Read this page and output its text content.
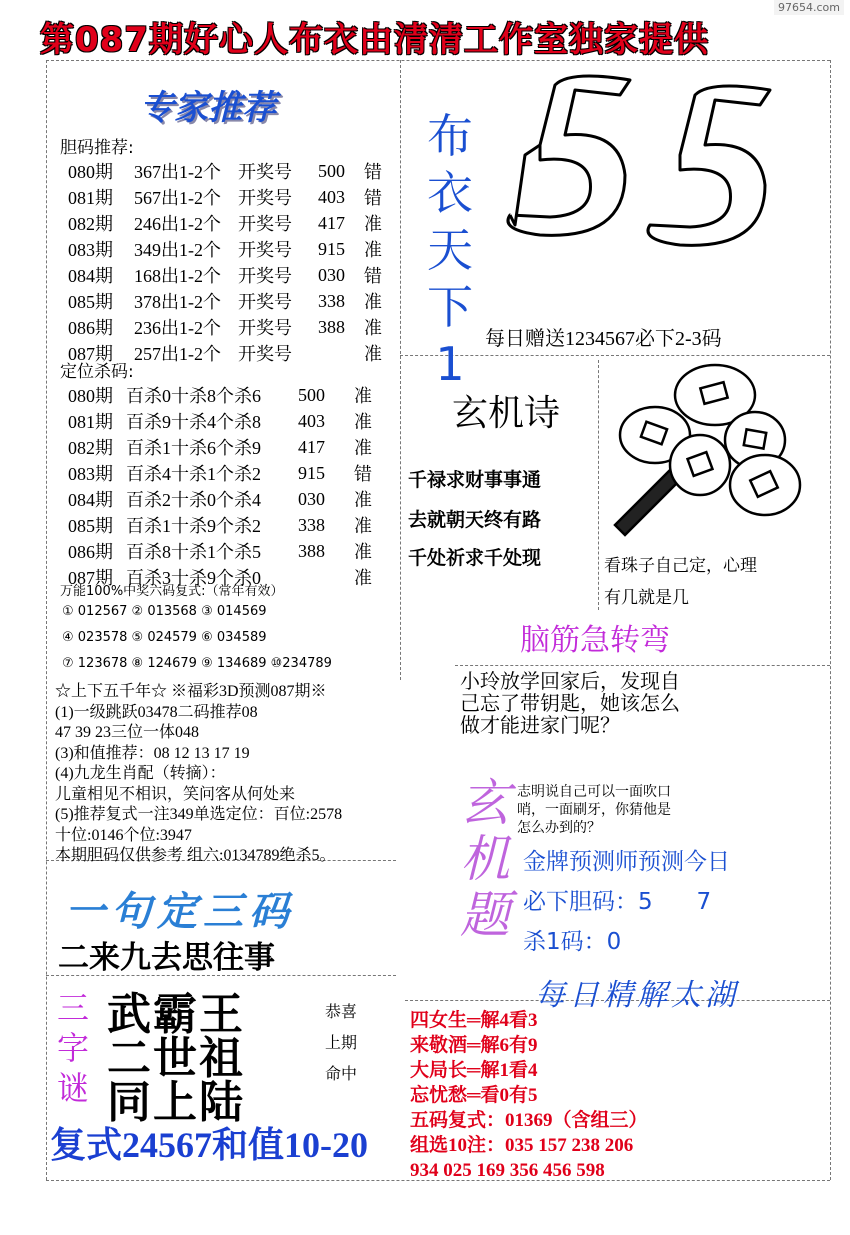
97654.com
第087期好心人布衣由清清工作室独家提供
专家推荐
胆码推荐:
080期	367出1-2个	开奖号	500	错
081期	567出1-2个	开奖号	403	错
082期	246出1-2个	开奖号	417	准
083期	349出1-2个	开奖号	915	准
084期	168出1-2个	开奖号	030	错
085期	378出1-2个	开奖号	338	准
086期	236出1-2个	开奖号	388	准
087期	257出1-2个	开奖号		准
定位杀码:
080期	百杀0十杀8个杀6	500	准
081期	百杀9十杀4个杀8	403	准
082期	百杀1十杀6个杀9	417	准
083期	百杀4十杀1个杀2	915	错
084期	百杀2十杀0个杀4	030	准
085期	百杀1十杀9个杀2	338	准
086期	百杀8十杀1个杀5	388	准
087期	百杀3十杀9个杀0		准
万能100%中奖六码复式:（常年有效）
① 012567 ② 013568 ③ 014569
④ 023578 ⑤ 024579 ⑥ 034589
⑦ 123678 ⑧ 124679 ⑨ 134689 ⑩234789
布
衣
天
下
1	每日赠送1234567必下2-3码
玄机诗
千禄求财事事通
去就朝天终有路
千处祈求千处现	看珠子自己定，心理
有几就是几
脑筋急转弯
小玲放学回家后，发现自
己忘了带钥匙，她该怎么
做才能进家门呢？
☆上下五千年☆ ※福彩3D预测087期※
(1)一级跳跃03478二码推荐08
47 39 23三位一体048
(3)和值推荐：08 12 13 17 19
(4)九龙生肖配（转摘）：
儿童相见不相识，笑问客从何处来
(5)推荐复式一注349单选定位：百位:2578
十位:0146个位:3947
本期胆码仅供参考 组六:0134789绝杀5。
玄
机
题
志明说自己可以一面吹口
哨，一面刷牙，你猜他是
怎么办到的？
金牌预测师预测今日
必下胆码：5      7
杀1码：0
一句定三码
二来九去思往事
三
字
谜
武霸王
二世祖
同上陆
恭喜
上期
命中
复式24567和值10-20
每日精解太湖
四女生═解4看3
来敬酒═解6有9
大局长═解1看4
忘忧愁═看0有5
五码复式：01369（含组三）
组选10注：035 157 238 206
934 025 169 356 456 598
